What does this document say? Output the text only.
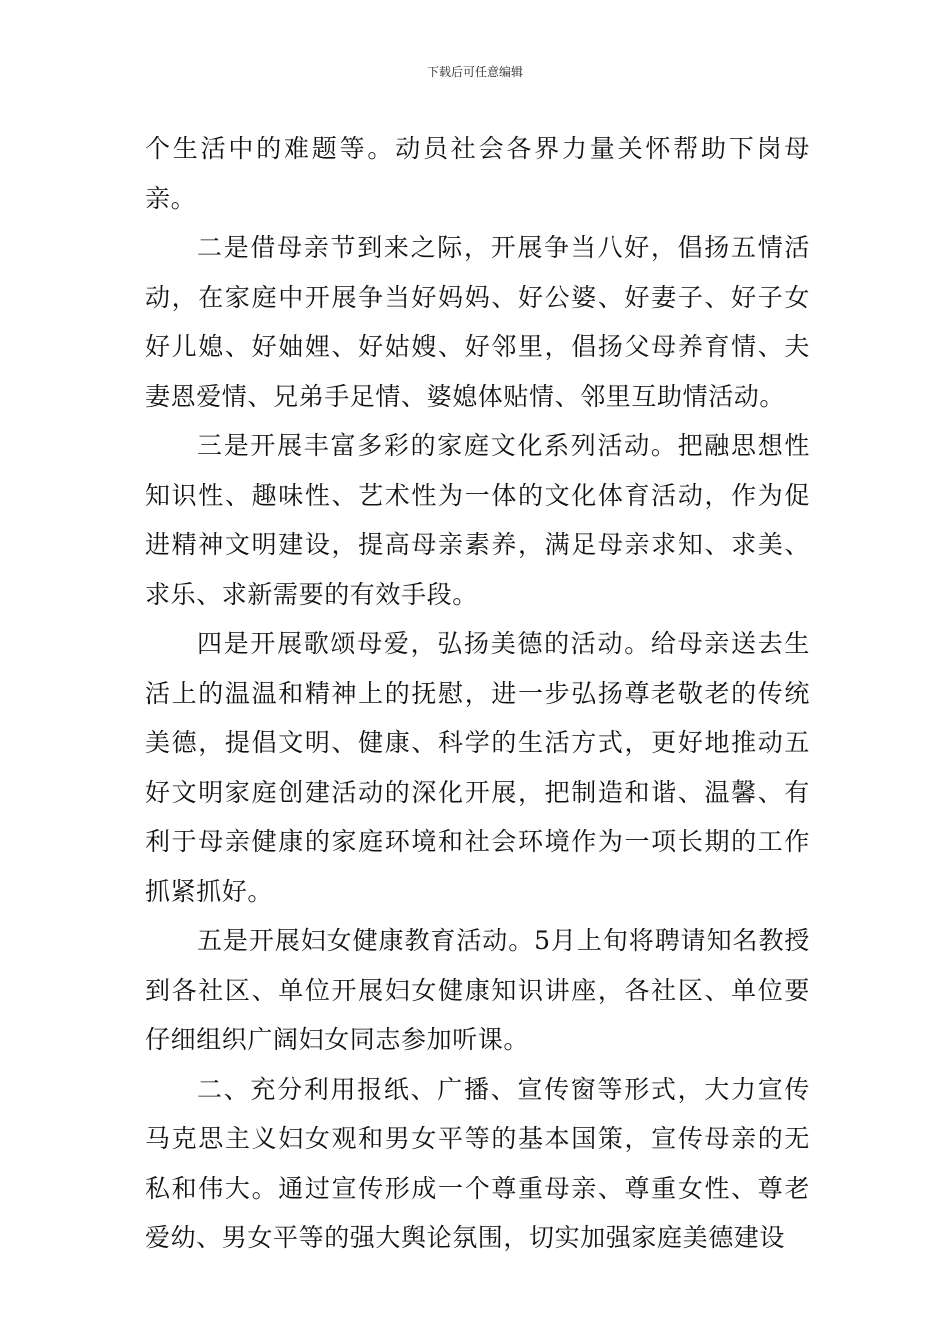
下载后可任意编辑

个生活中的难题等。动员社会各界力量关怀帮助下岗母亲。

二是借母亲节到来之际，开展争当八好，倡扬五情活动，在家庭中开展争当好妈妈、好公婆、好妻子、好子女好儿媳、好妯娌、好姑嫂、好邻里，倡扬父母养育情、夫妻恩爱情、兄弟手足情、婆媳体贴情、邻里互助情活动。

三是开展丰富多彩的家庭文化系列活动。把融思想性知识性、趣味性、艺术性为一体的文化体育活动，作为促进精神文明建设，提高母亲素养，满足母亲求知、求美、求乐、求新需要的有效手段。

四是开展歌颂母爱，弘扬美德的活动。给母亲送去生活上的温温和精神上的抚慰，进一步弘扬尊老敬老的传统美德，提倡文明、健康、科学的生活方式，更好地推动五好文明家庭创建活动的深化开展，把制造和谐、温馨、有利于母亲健康的家庭环境和社会环境作为一项长期的工作抓紧抓好。

五是开展妇女健康教育活动。5月上旬将聘请知名教授到各社区、单位开展妇女健康知识讲座，各社区、单位要仔细组织广阔妇女同志参加听课。

二、充分利用报纸、广播、宣传窗等形式，大力宣传马克思主义妇女观和男女平等的基本国策，宣传母亲的无私和伟大。通过宣传形成一个尊重母亲、尊重女性、尊老爱幼、男女平等的强大舆论氛围，切实加强家庭美德建设
